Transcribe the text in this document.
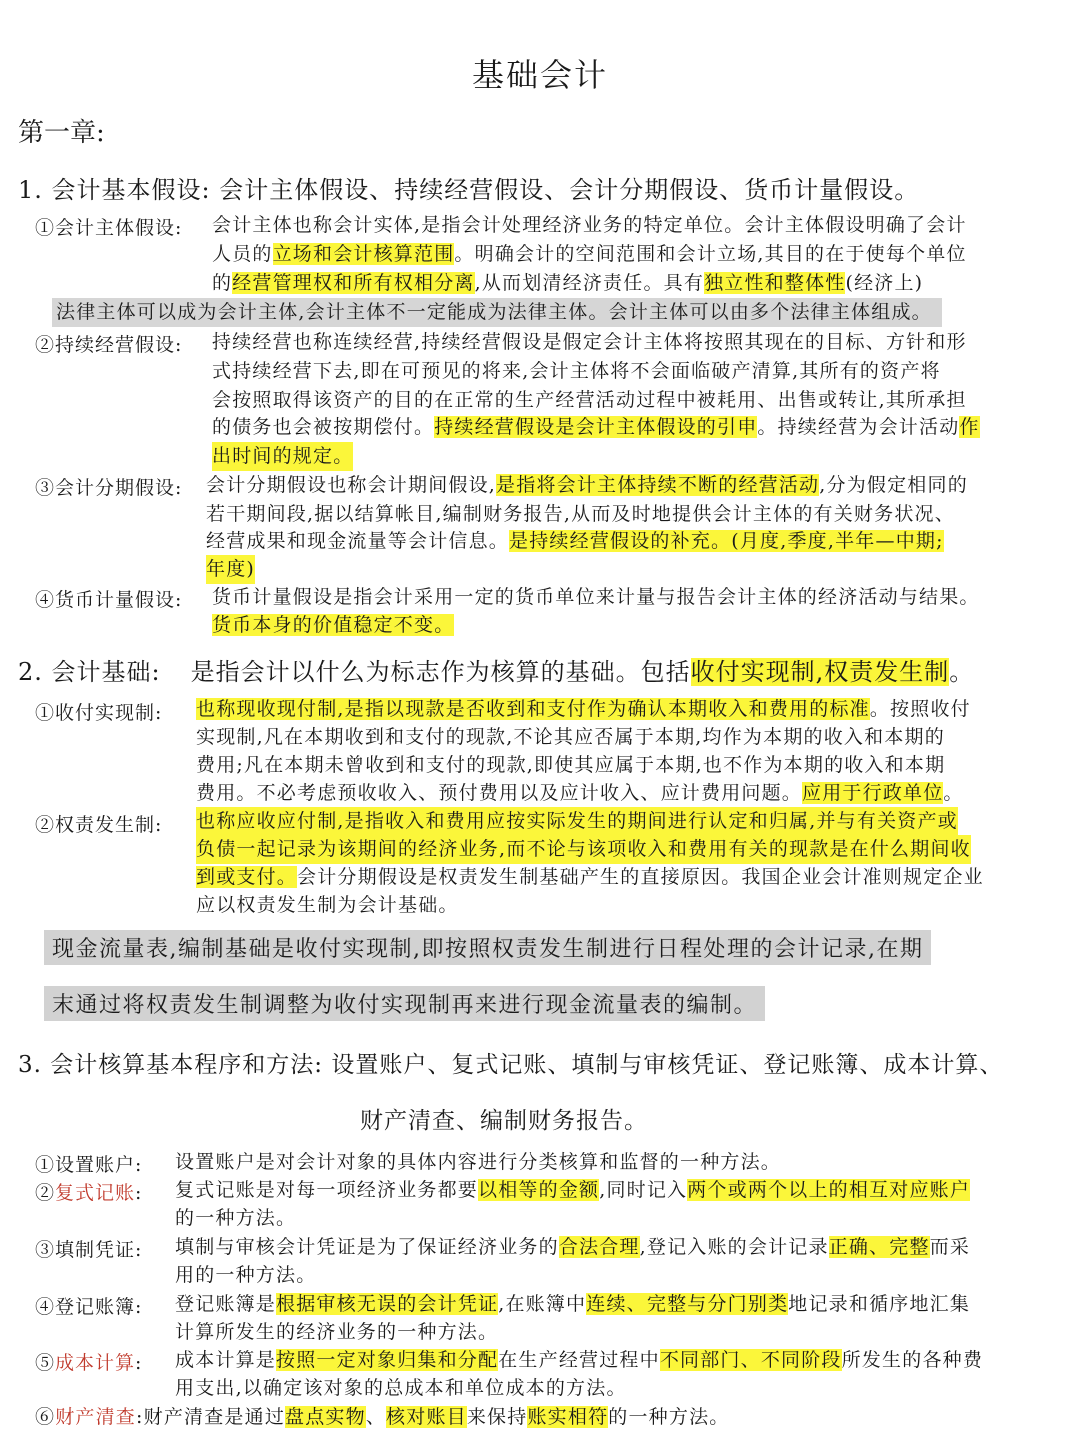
基础会计
第一章:
1. 会计基本假设: 会计主体假设、持续经营假设、会计分期假设、货币计量假设。
①会计主体假设: 会计主体也称会计实体,是指会计处理经济业务的特定单位。会计主体假设明确了会计
人员的立场和会计核算范围。明确会计的空间范围和会计立场,其目的在于使每个单位
的经营管理权和所有权相分离,从而划清经济责任。具有独立性和整体性(经济上)
法律主体可以成为会计主体,会计主体不一定能成为法律主体。会计主体可以由多个法律主体组成。
②持续经营假设: 持续经营也称连续经营,持续经营假设是假定会计主体将按照其现在的目标、方针和形
式持续经营下去,即在可预见的将来,会计主体将不会面临破产清算,其所有的资产将
会按照取得该资产的目的在正常的生产经营活动过程中被耗用、出售或转让,其所承担
的债务也会被按期偿付。持续经营假设是会计主体假设的引申。持续经营为会计活动作
出时间的规定。
③会计分期假设: 会计分期假设也称会计期间假设,是指将会计主体持续不断的经营活动,分为假定相同的
若干期间段,据以结算帐目,编制财务报告,从而及时地提供会计主体的有关财务状况、
经营成果和现金流量等会计信息。是持续经营假设的补充。(月度,季度,半年—中期;
年度)
④货币计量假设: 货币计量假设是指会计采用一定的货币单位来计量与报告会计主体的经济活动与结果。
货币本身的价值稳定不变。
2. 会计基础: 是指会计以什么为标志作为核算的基础。包括收付实现制,权责发生制。
①收付实现制: 也称现收现付制,是指以现款是否收到和支付作为确认本期收入和费用的标准。按照收付
实现制,凡在本期收到和支付的现款,不论其应否属于本期,均作为本期的收入和本期的
费用;凡在本期未曾收到和支付的现款,即使其应属于本期,也不作为本期的收入和本期
费用。不必考虑预收收入、预付费用以及应计收入、应计费用问题。应用于行政单位。
②权责发生制: 也称应收应付制,是指收入和费用应按实际发生的期间进行认定和归属,并与有关资产或
负债一起记录为该期间的经济业务,而不论与该项收入和费用有关的现款是在什么期间收
到或支付。会计分期假设是权责发生制基础产生的直接原因。我国企业会计准则规定企业
应以权责发生制为会计基础。
现金流量表,编制基础是收付实现制,即按照权责发生制进行日程处理的会计记录,在期
末通过将权责发生制调整为收付实现制再来进行现金流量表的编制。
3. 会计核算基本程序和方法: 设置账户、复式记账、填制与审核凭证、登记账簿、成本计算、
财产清查、编制财务报告。
①设置账户: 设置账户是对会计对象的具体内容进行分类核算和监督的一种方法。
②复式记账: 复式记账是对每一项经济业务都要以相等的金额,同时记入两个或两个以上的相互对应账户
的一种方法。
③填制凭证: 填制与审核会计凭证是为了保证经济业务的合法合理,登记入账的会计记录正确、完整而采
用的一种方法。
④登记账簿: 登记账簿是根据审核无误的会计凭证,在账簿中连续、完整与分门别类地记录和循序地汇集
计算所发生的经济业务的一种方法。
⑤成本计算: 成本计算是按照一定对象归集和分配在生产经营过程中不同部门、不同阶段所发生的各种费
用支出,以确定该对象的总成本和单位成本的方法。
⑥财产清查:财产清查是通过盘点实物、核对账目来保持账实相符的一种方法。
